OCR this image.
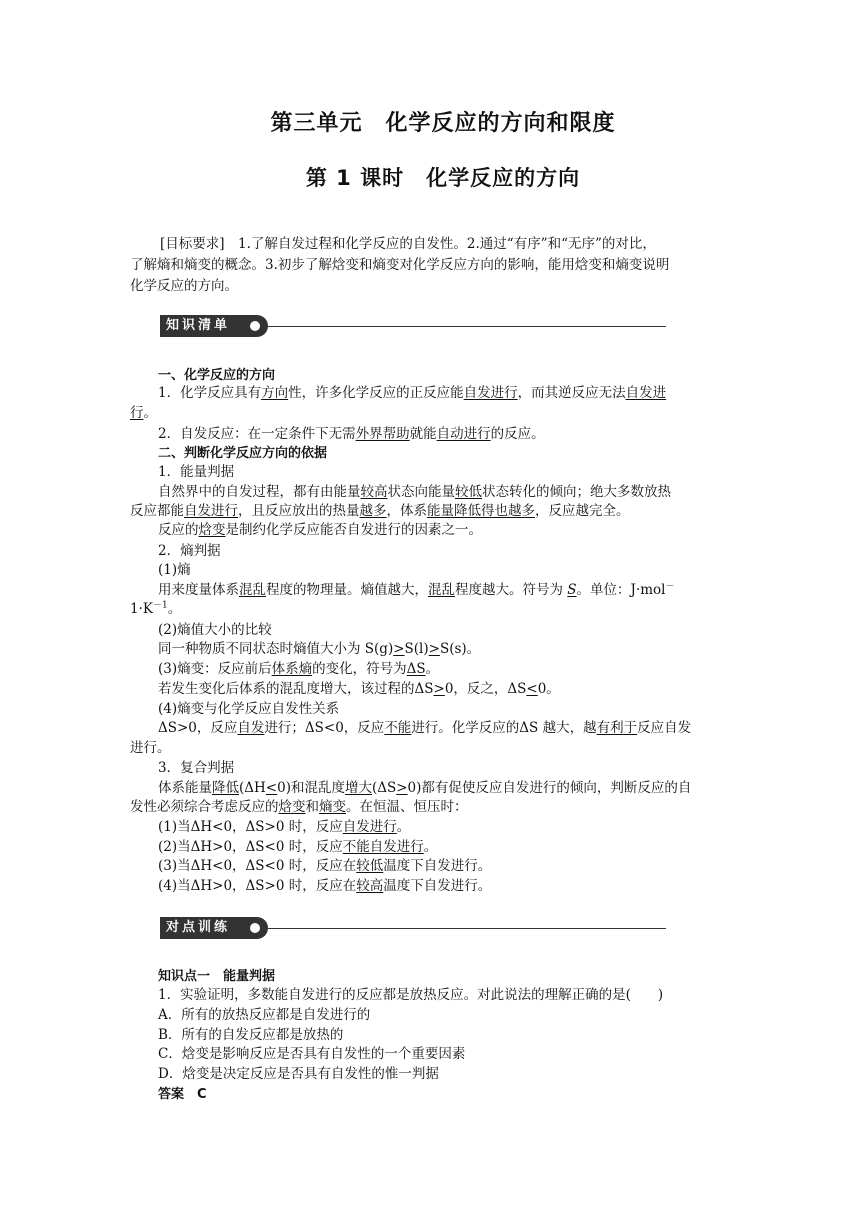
第三单元　化学反应的方向和限度
第 1 课时　化学反应的方向
[目标要求]　1.了解自发过程和化学反应的自发性。2.通过“有序”和“无序”的对比，
了解熵和熵变的概念。3.初步了解焓变和熵变对化学反应方向的影响，能用焓变和熵变说明
化学反应的方向。
知识清单
一、化学反应的方向
1．化学反应具有方向性，许多化学反应的正反应能自发进行，而其逆反应无法自发进
行。
2．自发反应：在一定条件下无需外界帮助就能自动进行的反应。
二、判断化学反应方向的依据
1．能量判据
自然界中的自发过程，都有由能量较高状态向能量较低状态转化的倾向；绝大多数放热
反应都能自发进行，且反应放出的热量越多，体系能量降低得也越多，反应越完全。
反应的焓变是制约化学反应能否自发进行的因素之一。
2．熵判据
(1)熵
用来度量体系混乱程度的物理量。熵值越大，混乱程度越大。符号为 S。单位：J·mol－
$1\cdot K^{-1}$。
(2)熵值大小的比较
同一种物质不同状态时熵值大小为 S(g)>S(l)>S(s)。
(3)熵变：反应前后体系熵的变化，符号为ΔS。
若发生变化后体系的混乱度增大，该过程的ΔS>0，反之，ΔS<0。
(4)熵变与化学反应自发性关系
ΔS>0，反应自发进行；ΔS<0，反应不能进行。化学反应的ΔS 越大，越有利于反应自发
进行。
3．复合判据
体系能量降低(ΔH<0)和混乱度增大(ΔS>0)都有促使反应自发进行的倾向，判断反应的自
发性必须综合考虑反应的焓变和熵变。在恒温、恒压时：
(1)当ΔH<0，ΔS>0 时，反应自发进行。
(2)当ΔH>0，ΔS<0 时，反应不能自发进行。
(3)当ΔH<0，ΔS<0 时，反应在较低温度下自发进行。
(4)当ΔH>0，ΔS>0 时，反应在较高温度下自发进行。
对点训练
知识点一　能量判据
1．实验证明，多数能自发进行的反应都是放热反应。对此说法的理解正确的是(　　)
A．所有的放热反应都是自发进行的
B．所有的自发反应都是放热的
C．焓变是影响反应是否具有自发性的一个重要因素
D．焓变是决定反应是否具有自发性的惟一判据
答案　C
